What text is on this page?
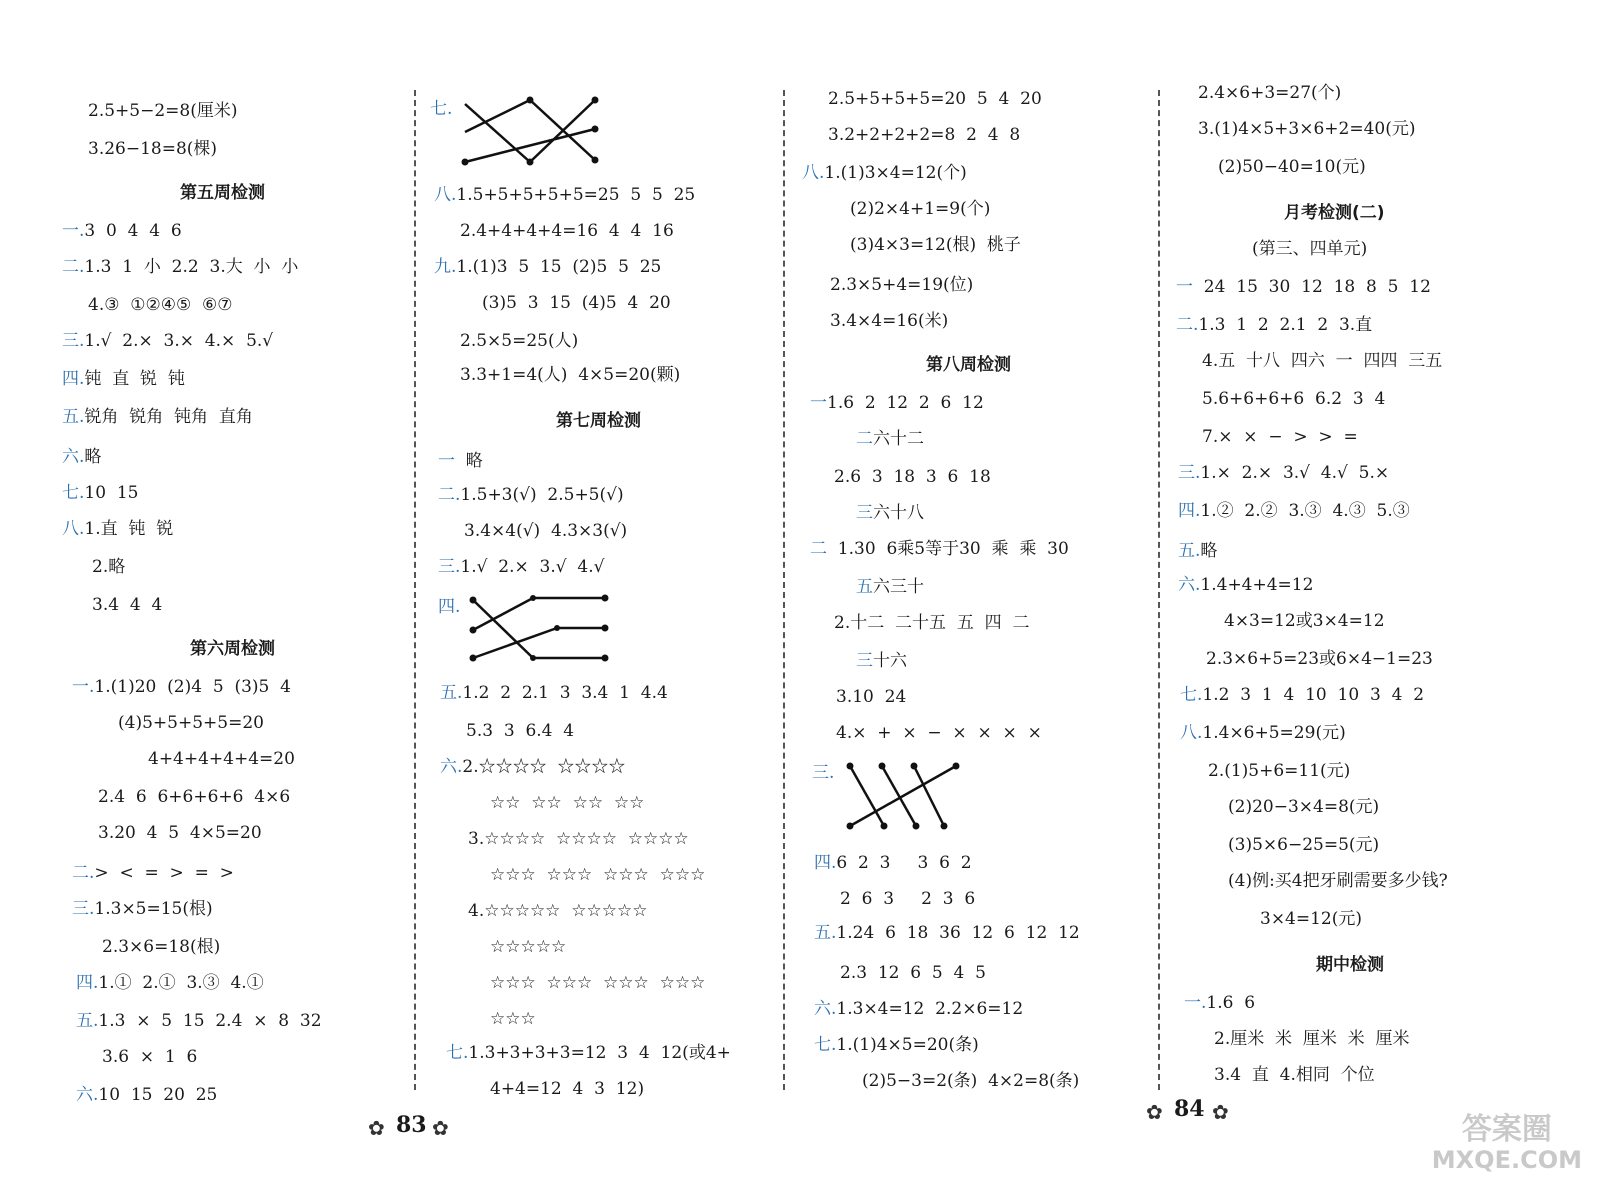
2.5+5−2=8(厘米)
3.26−18=8(棵)
第五周检测
一.3  0  4  4  6
二.1.3  1  小  2.2  3.大  小  小
4.③  ①②④⑤  ⑥⑦
三.1.√  2.×  3.×  4.×  5.√
四.钝  直  锐  钝
五.锐角  锐角  钝角  直角
六.略
七.10  15
八.1.直  钝  锐
2.略
3.4  4  4
第六周检测
一.1.(1)20  (2)4  5  (3)5  4
(4)5+5+5+5=20
4+4+4+4+4=20
2.4  6  6+6+6+6  4×6
3.20  4  5  4×5=20
二.>  <  =  >  =  >
三.1.3×5=15(根)
2.3×6=18(根)
四.1.①  2.①  3.③  4.①
五.1.3  ×  5  15  2.4  ×  8  32
3.6  ×  1  6
六.10  15  20  25
七.
八.1.5+5+5+5+5=25  5  5  25
2.4+4+4+4=16  4  4  16
九.1.(1)3  5  15  (2)5  5  25
(3)5  3  15  (4)5  4  20
2.5×5=25(人)
3.3+1=4(人)  4×5=20(颗)
第七周检测
一  略
二.1.5+3(√)  2.5+5(√)
3.4×4(√)  4.3×3(√)
三.1.√  2.×  3.√  4.√
四.
五.1.2  2  2.1  3  3.4  1  4.4
5.3  3  6.4  4
六.2.☆☆☆☆  ☆☆☆☆
☆☆  ☆☆  ☆☆  ☆☆
3.☆☆☆☆  ☆☆☆☆  ☆☆☆☆
☆☆☆  ☆☆☆  ☆☆☆  ☆☆☆
4.☆☆☆☆☆  ☆☆☆☆☆
☆☆☆☆☆
☆☆☆  ☆☆☆  ☆☆☆  ☆☆☆
☆☆☆
七.1.3+3+3+3=12  3  4  12(或4+
4+4=12  4  3  12)
2.5+5+5+5=20  5  4  20
3.2+2+2+2=8  2  4  8
八.1.(1)3×4=12(个)
(2)2×4+1=9(个)
(3)4×3=12(根)  桃子
2.3×5+4=19(位)
3.4×4=16(米)
第八周检测
一1.6  2  12  2  6  12
二六十二
2.6  3  18  3  6  18
三六十八
二  1.30  6乘5等于30  乘  乘  30
五六三十
2.十二  二十五  五  四  二
三十六
3.10  24
4.×  +  ×  −  ×  ×  ×  ×
三.
四.6  2  3     3  6  2
2  6  3     2  3  6
五.1.24  6  18  36  12  6  12  12
2.3  12  6  5  4  5
六.1.3×4=12  2.2×6=12
七.1.(1)4×5=20(条)
(2)5−3=2(条)  4×2=8(条)
2.4×6+3=27(个)
3.(1)4×5+3×6+2=40(元)
(2)50−40=10(元)
月考检测(二)
(第三、四单元)
一  24  15  30  12  18  8  5  12
二.1.3  1  2  2.1  2  3.直
4.五  十八  四六  一  四四  三五
5.6+6+6+6  6.2  3  4
7.×  ×  −  >  >  =
三.1.×  2.×  3.√  4.√  5.×
四.1.②  2.②  3.③  4.③  5.③
五.略
六.1.4+4+4=12
4×3=12或3×4=12
2.3×6+5=23或6×4−1=23
七.1.2  3  1  4  10  10  3  4  2
八.1.4×6+5=29(元)
2.(1)5+6=11(元)
(2)20−3×4=8(元)
(3)5×6−25=5(元)
(4)例:买4把牙刷需要多少钱?
3×4=12(元)
期中检测
一.1.6  6
2.厘米  米  厘米  米  厘米
3.4  直  4.相同  个位
✿ 83 ✿
✿ 84 ✿	答案圈
MXQE.COM
